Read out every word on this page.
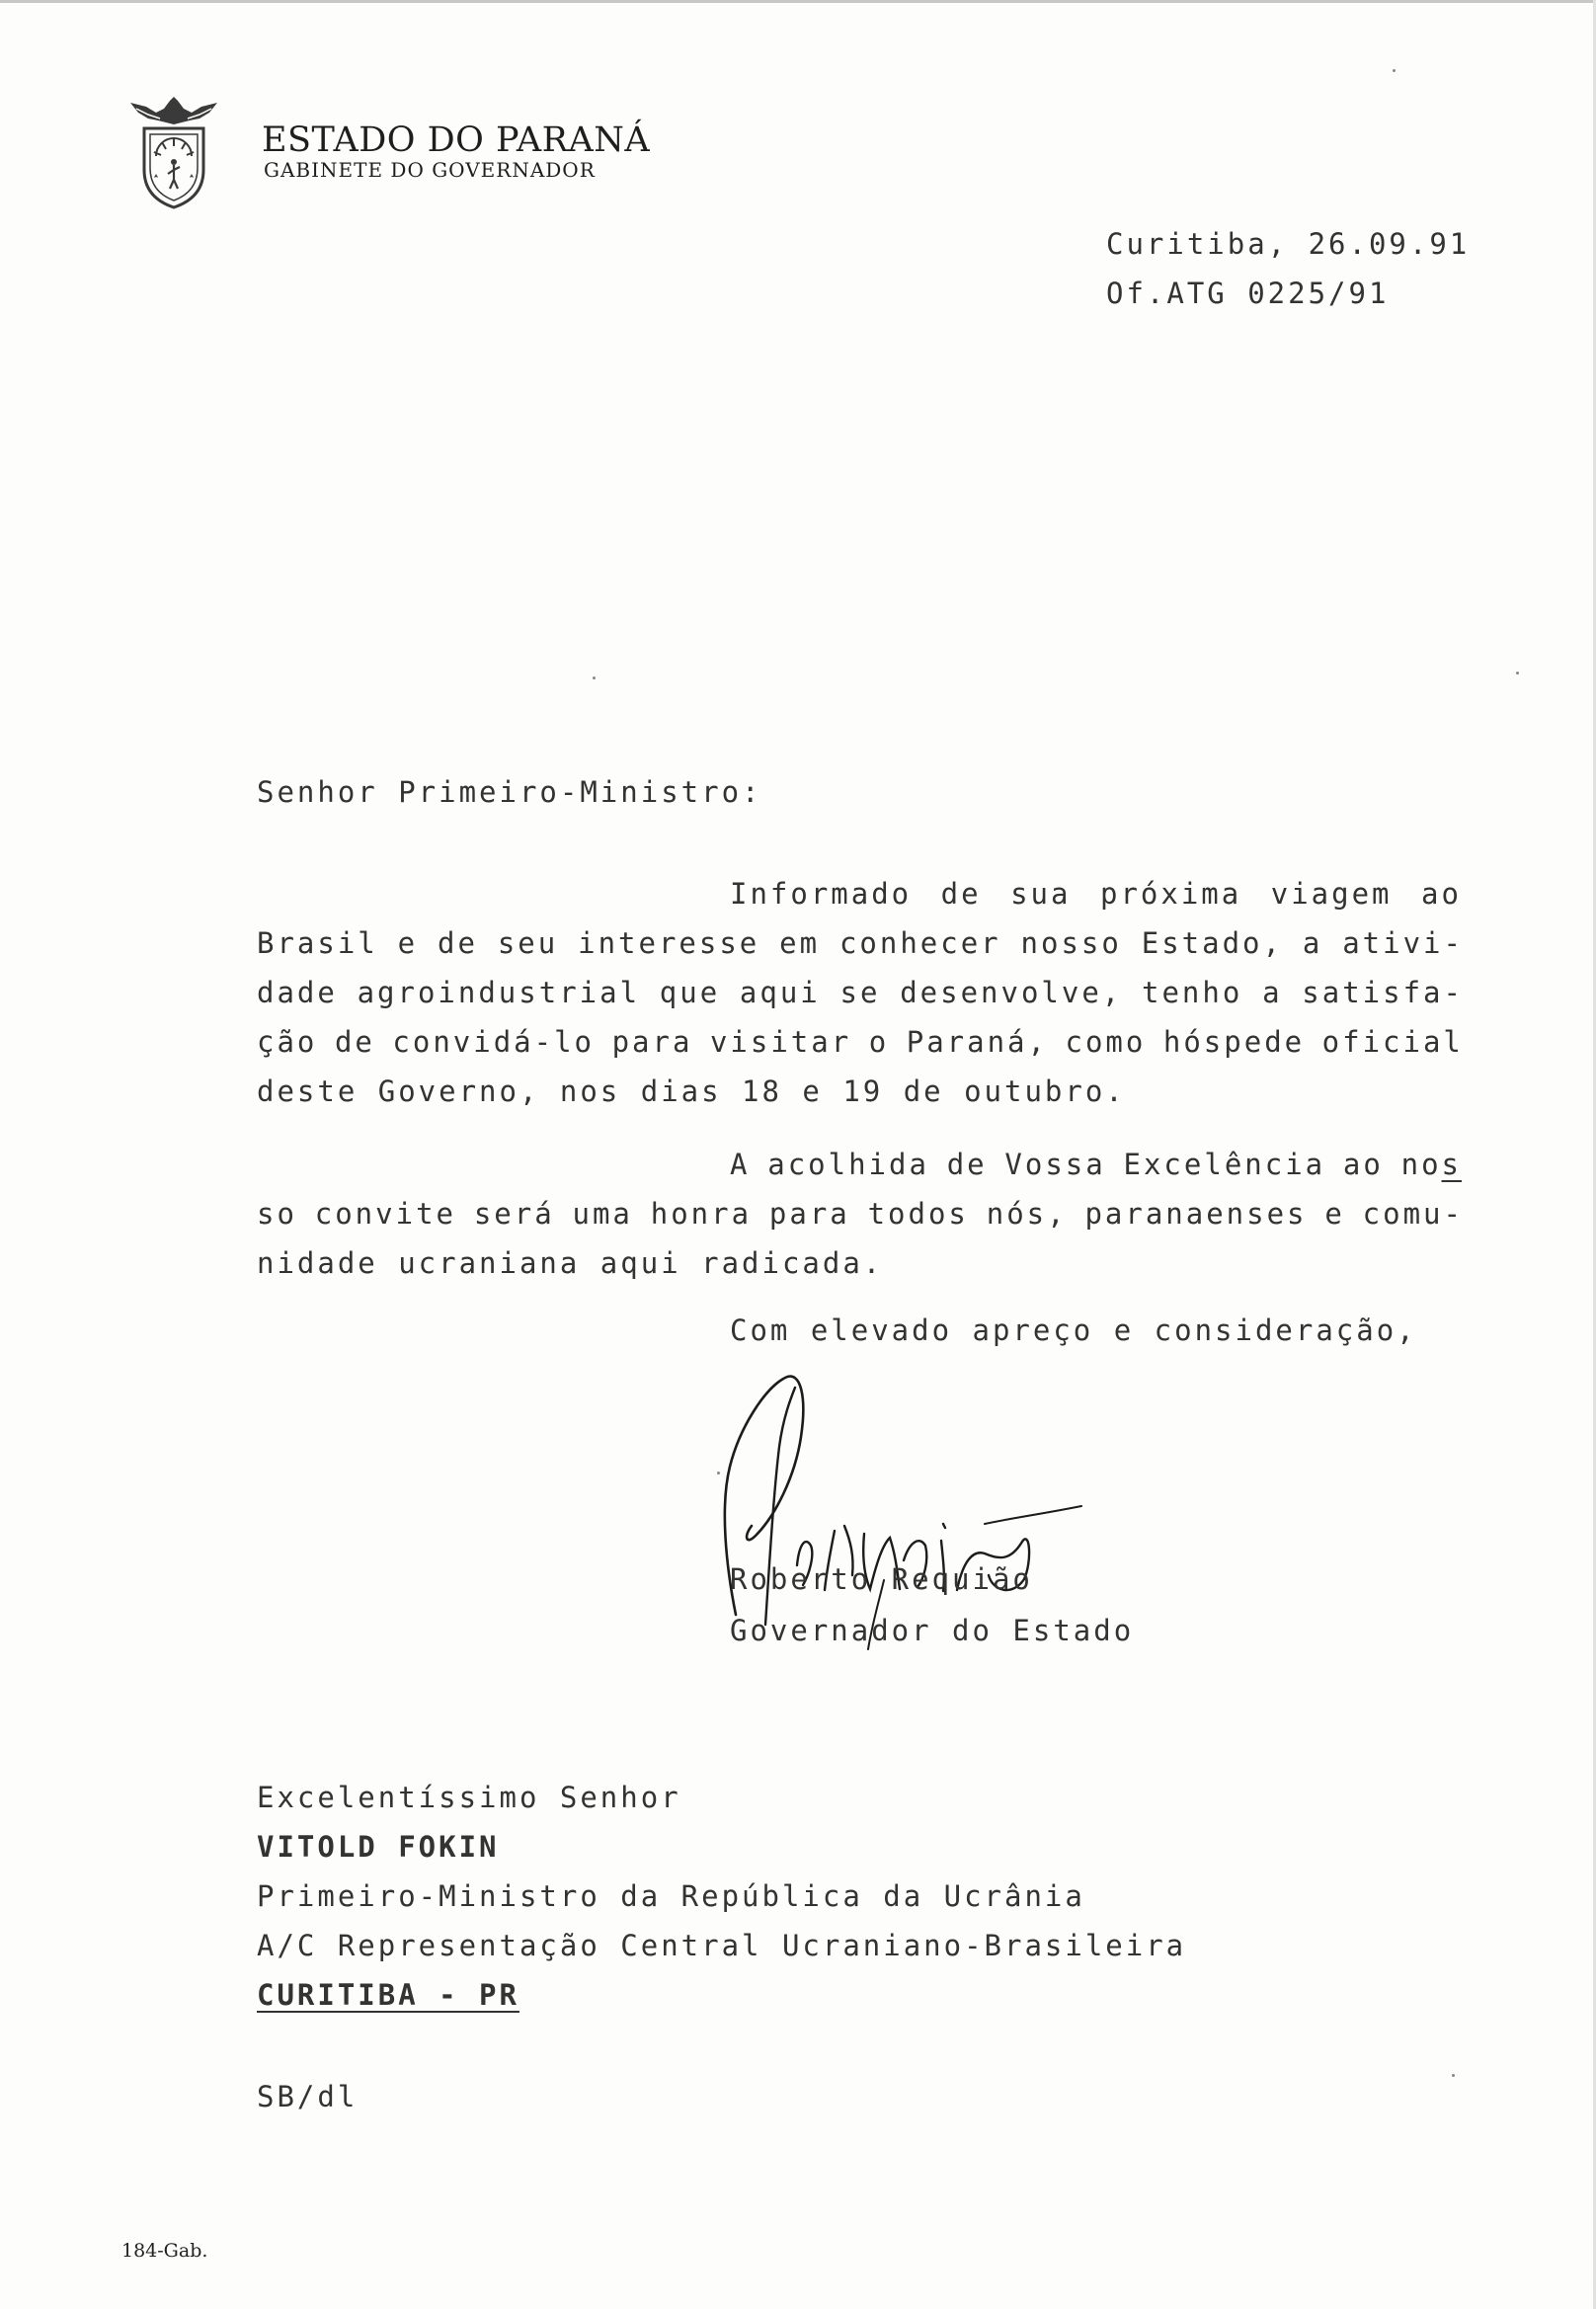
ESTADO DO PARANÁ
GABINETE DO GOVERNADOR
Curitiba, 26.09.91
Of.ATG 0225/91
Senhor Primeiro-Ministro:
Informado de sua próxima viagem ao
Brasil e de seu interesse em conhecer nosso Estado, a ativi-
dade agroindustrial que aqui se desenvolve, tenho a satisfa-
ção de convidá-lo para visitar o Paraná, como hóspede oficial
deste Governo, nos dias 18 e 19 de outubro.
A acolhida de Vossa Excelência ao nos
so convite será uma honra para todos nós, paranaenses e comu-
nidade ucraniana aqui radicada.
Com elevado apreço e consideração,
Roberto Requião
Governador do Estado
Excelentíssimo Senhor
VITOLD FOKIN
Primeiro-Ministro da República da Ucrânia
A/C Representação Central Ucraniano-Brasileira
CURITIBA - PR
SB/dl
184-Gab.
